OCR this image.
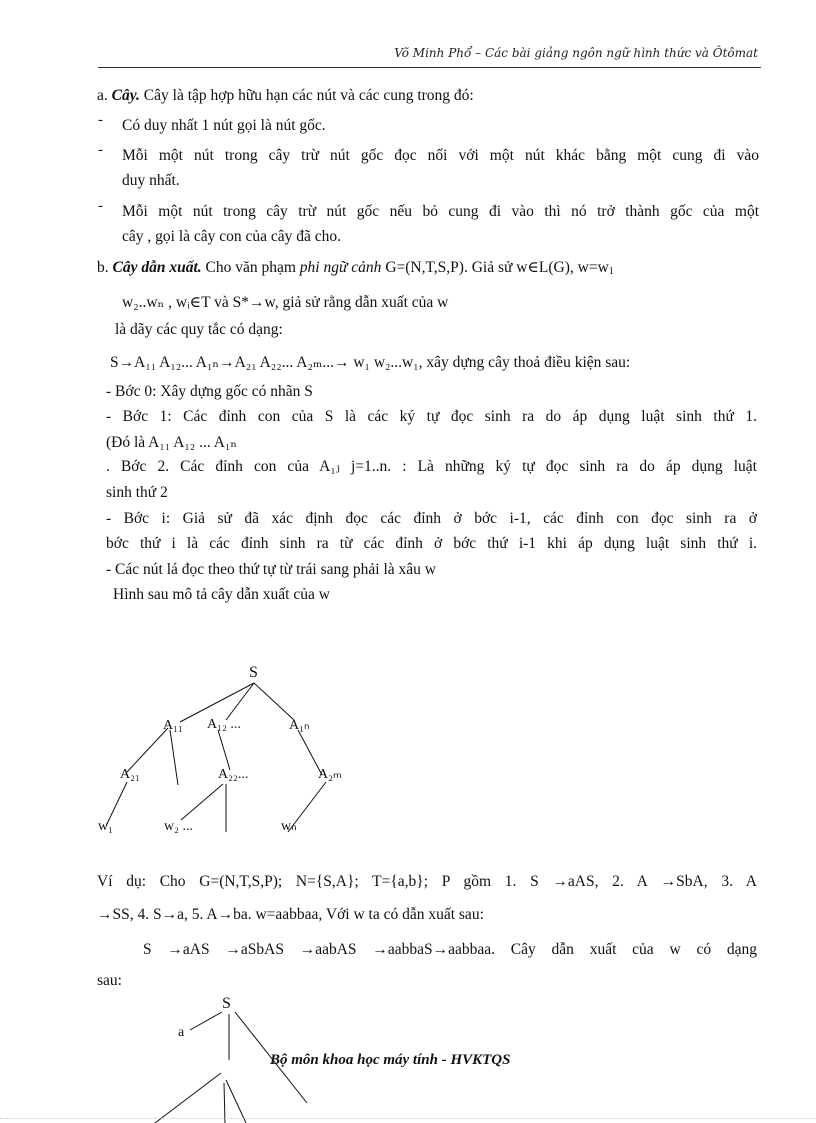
Võ Minh Phổ – Các bài giảng ngôn ngữ hình thức và Ôtômat
a. Cây. Cây là tập hợp hữu hạn các nút và các cung trong đó:
- Có duy nhất 1 nút gọi là nút gốc.
- Mỗi một nút trong cây trừ nút gốc đọc nối với một nút khác bằng một cung đi vào
duy nhất.
- Mỗi một nút trong cây trừ nút gốc nếu bỏ cung đi vào thì nó trở thành gốc của một
cây , gọi là cây con của cây đã cho.
b. Cây dẫn xuất. Cho văn phạm phi ngữ cảnh G=(N,T,S,P). Giả sử w∈L(G), $w=w_1$
w₂..wₙ , wᵢ∈T và S*→w, giả sử rằng dẫn xuất của w
là dãy các quy tắc có dạng:
S→A₁₁ A₁₂... A₁ₙ→A₂₁ A₂₂... A₂ₘ...→ w₁ w₂...w₁, xây dựng cây thoả điều kiện sau:
- Bớc 0: Xây dựng gốc có nhãn S
- Bớc 1: Các đỉnh con của S là các ký tự đọc sinh ra do áp dụng luật sinh thứ 1.
(Đó là A₁₁ A₁₂ ... A₁ₙ
. Bớc 2. Các đỉnh con của A₁ⱼ j=1..n. : Là những ký tự đọc sinh ra do áp dụng luật
sinh thứ 2
- Bớc i: Giả sử đã xác định đọc các đỉnh ở bớc i-1, các đỉnh con đọc sinh ra ở
bớc thứ i là các đỉnh sinh ra từ các đỉnh ở bớc thứ i-1 khi áp dụng luật sinh thứ i.
- Các nút lá đọc theo thứ tự từ trái sang phải là xâu w
Hình sau mô tả cây dẫn xuất của w
S
A₁₁ A₁₂ ...	A₁ₙ
A₂₁	A₂₂...	A₂ₘ
w₁	w₂ ...	wₙ
S
a
Ví dụ: Cho G=(N,T,S,P); N={S,A}; T={a,b}; P gồm 1. S →aAS, 2. A →SbA, 3. A
→SS, 4. S→a, 5. A→ba. w=aabbaa, Với w ta có dẫn xuất sau:
S →aAS →aSbAS →aabAS →aabbaS→aabbaa. Cây dẫn xuất của w có dạng
sau:
Bộ môn khoa học máy tính - HVKTQS
